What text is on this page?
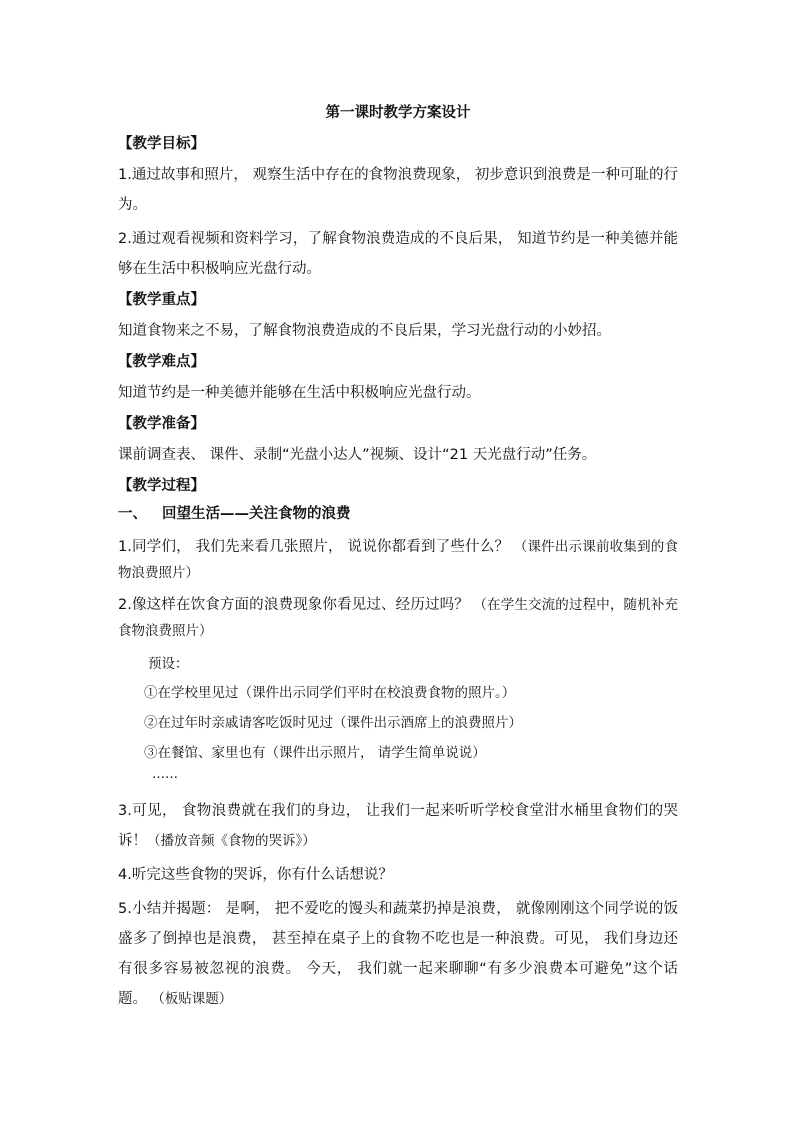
第一课时教学方案设计
【教学目标】

1.通过故事和照片， 观察生活中存在的食物浪费现象， 初步意识到浪费是一种可耻的行为。

2.通过观看视频和资料学习，了解食物浪费造成的不良后果， 知道节约是一种美德并能够在生活中积极响应光盘行动。

【教学重点】

知道食物来之不易，了解食物浪费造成的不良后果，学习光盘行动的小妙招。

【教学难点】

知道节约是一种美德并能够在生活中积极响应光盘行动。

【教学准备】

课前调查表、 课件、录制“光盘小达人”视频、设计“21 天光盘行动”任务。

【教学过程】
一、 回望生活——关注食物的浪费

1.同学们， 我们先来看几张照片， 说说你都看到了些什么？ （课件出示课前收集到的食物浪费照片）

2.像这样在饮食方面的浪费现象你看见过、经历过吗？ （在学生交流的过程中，随机补充食物浪费照片）

预设：
①在学校里见过（课件出示同学们平时在校浪费食物的照片。）
②在过年时亲戚请客吃饭时见过（课件出示酒席上的浪费照片）
③在餐馆、家里也有（课件出示照片， 请学生简单说说）
……

3.可见， 食物浪费就在我们的身边， 让我们一起来听听学校食堂泔水桶里食物们的哭诉！（播放音频《食物的哭诉》）

4.听完这些食物的哭诉，你有什么话想说？

5.小结并揭题： 是啊， 把不爱吃的馒头和蔬菜扔掉是浪费， 就像刚刚这个同学说的饭盛多了倒掉也是浪费， 甚至掉在桌子上的食物不吃也是一种浪费。可见， 我们身边还有很多容易被忽视的浪费。 今天， 我们就一起来聊聊“有多少浪费本可避免”这个话题。 （板贴课题）
